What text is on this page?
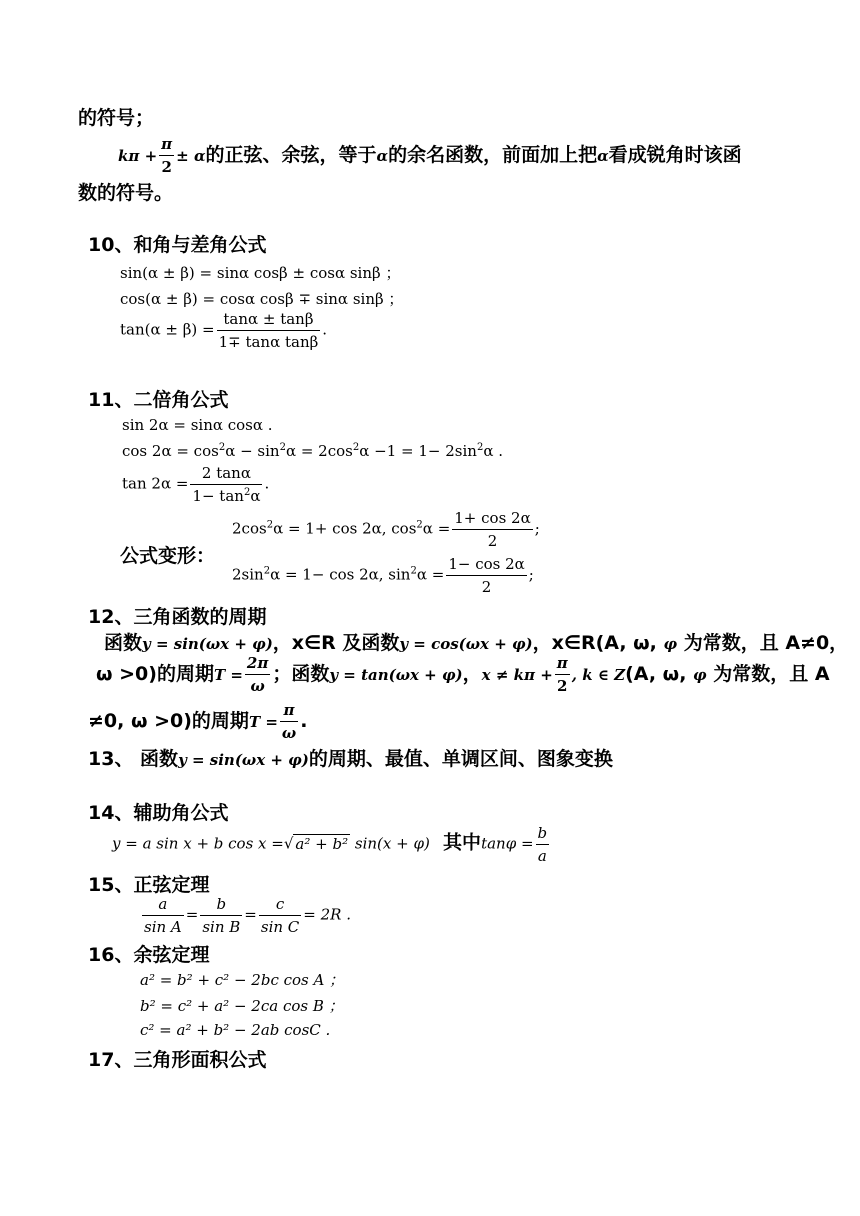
的符号；
$k\pi + \frac{\pi}{2} \pm \alpha$的正弦、余弦，等于α的余名函数，前面加上把α看成锐角时该函
数的符号。
10、和角与差角公式
sin(α ± β) = sinα cosβ ± cosα sinβ ；
cos(α ± β) = cosα cosβ ∓ sinα sinβ ；
$\tan(\alpha \pm \beta) = \frac{\tan\alpha \pm \tan\beta}{\text{1∓ tanα tanβ}}$ .
11、二倍角公式
sin 2α = sinα cosα .
$\cos 2\alpha = \cos^2\alpha - \sin^2\alpha = 2\cos^2\alpha -1 = 1- 2\sin^2\alpha$ .
$\tan 2\alpha = \frac{2 \tan\alpha}{1- \tan^2\alpha}$ .
公式变形：
$2\cos^2\alpha = 1+ \cos 2\alpha$, $\cos^2\alpha = \frac{1+ \cos 2\alpha}{2}$ ;
$2\sin^2\alpha = 1- \cos 2\alpha$, $\sin^2\alpha = \frac{1- \cos 2\alpha}{2}$ ;
12、三角函数的周期
函数y = sin(ωx + φ)，x∈R 及函数y = cos(ωx + φ)，x∈R(A, ω, φ 为常数，且 A≠0，
ω >0)的周期$T = \frac{2\pi}{\omega}$ ；函数y = tan(ωx + φ)，$x \ne k\pi + \frac{\pi}{2}$ , k ∈ Z(A, ω, φ 为常数，且 A
≠0, ω >0)的周期$T = \frac{\pi}{\omega}$ .
13、 函数y = sin(ωx + φ)的周期、最值、单调区间、图象变换
14、辅助角公式
y = a sin x + b cos x =√ a² + b² sin(x + φ) 其中$\tan\varphi = \frac{b}{a}$
15、正弦定理
$\frac{a}{\text{sin A}} = \frac{b}{\text{sin B}} = \frac{c}{\text{sin C}} = 2R$ .
16、余弦定理
a² = b² + c² − 2bc cos A ；
b² = c² + a² − 2ca cos B ；
c² = a² + b² − 2ab cosC .
17、三角形面积公式
